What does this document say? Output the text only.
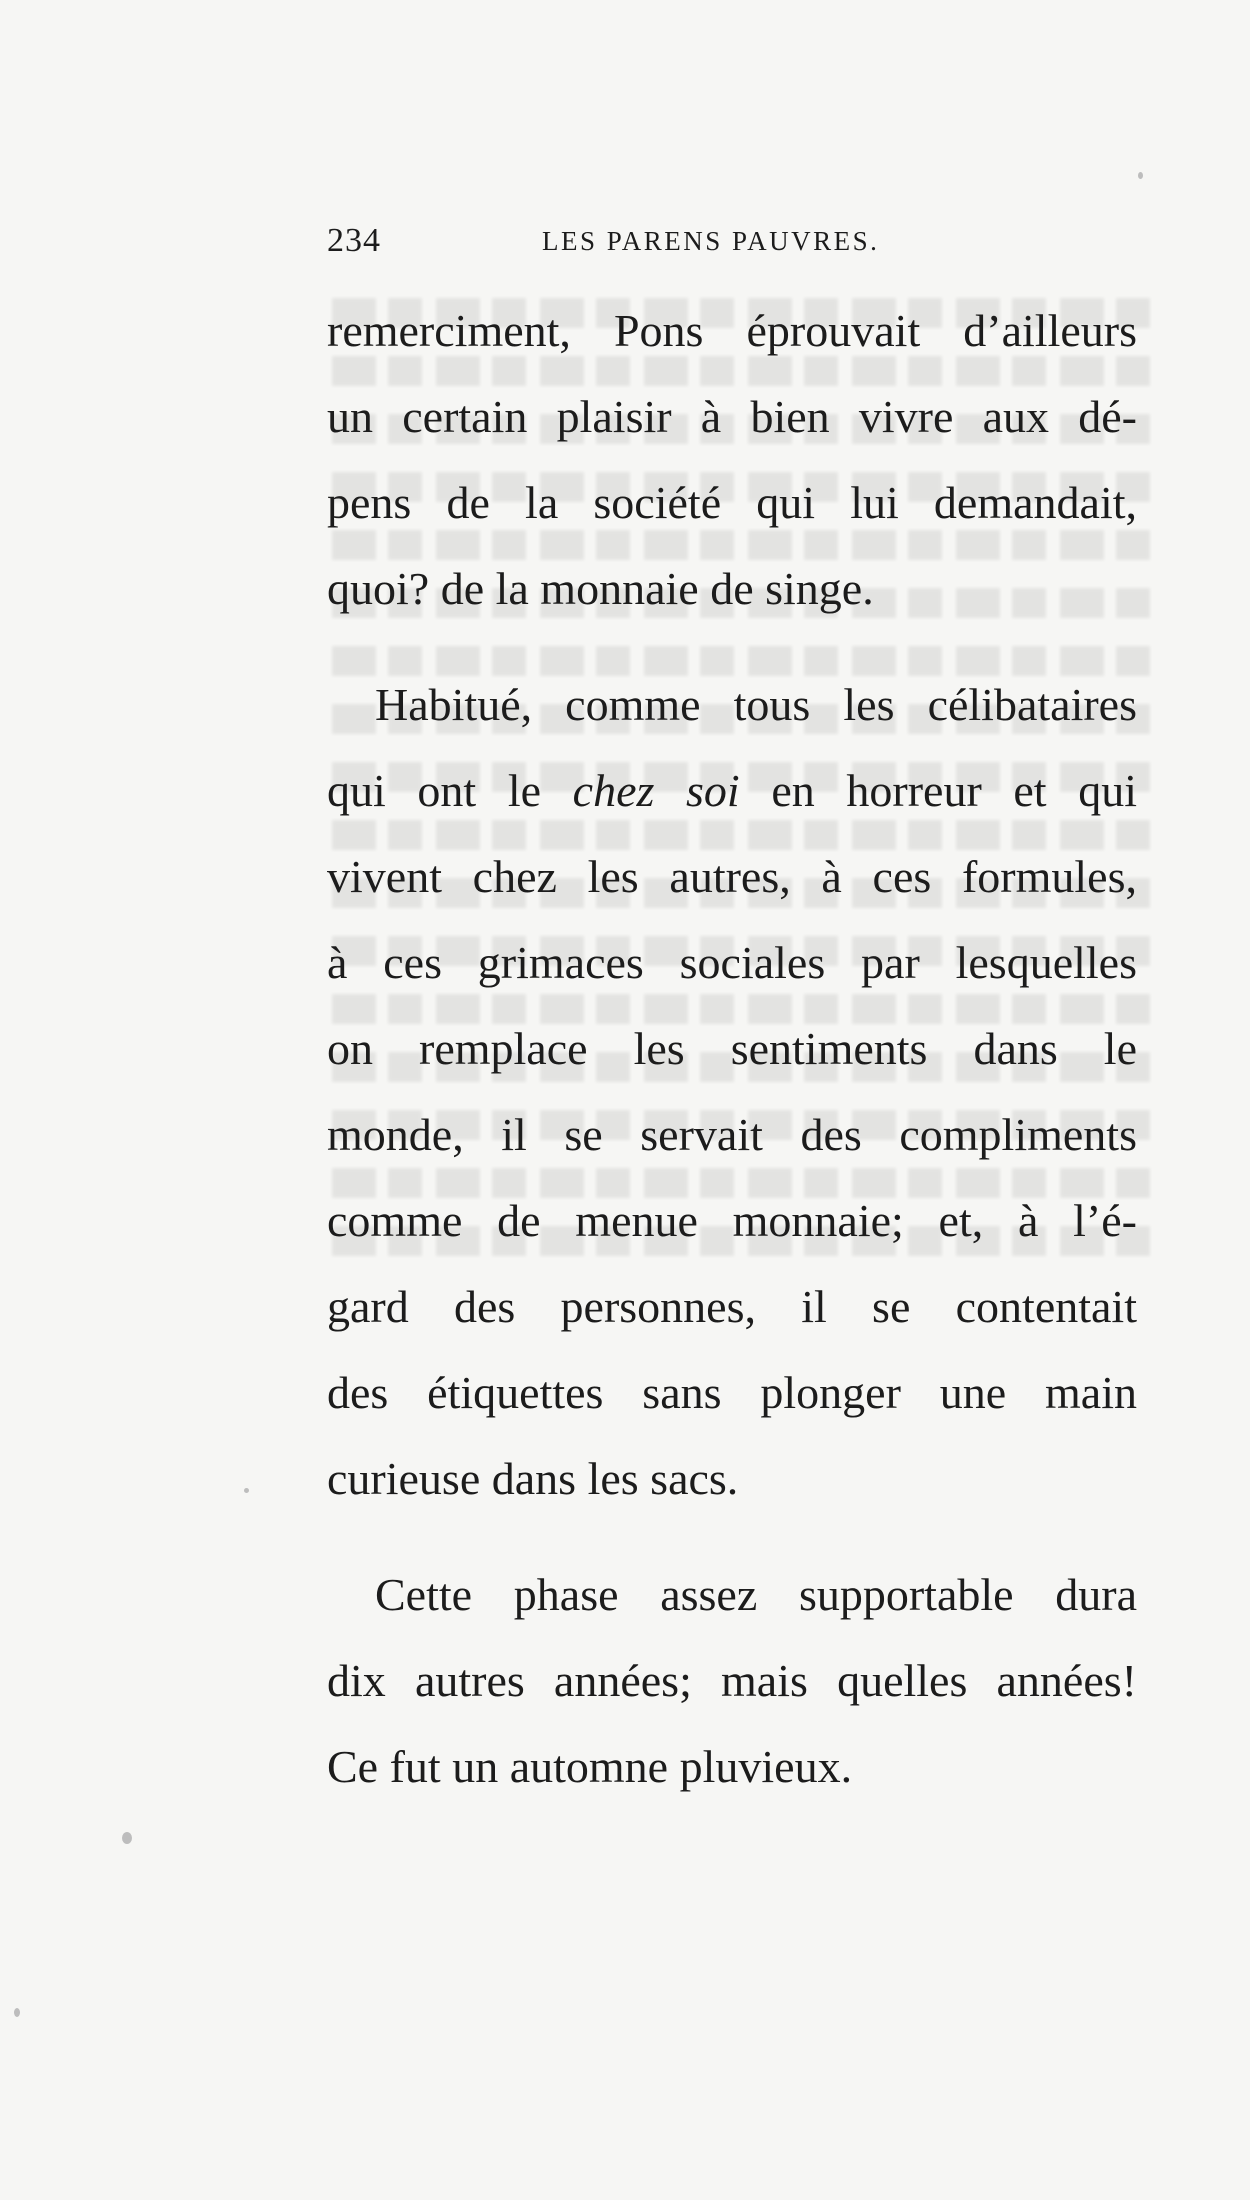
234	LES PARENS PAUVRES.
remerciment, Pons éprouvait d’ailleurs
un certain plaisir à bien vivre aux dé-
pens de la société qui lui demandait,
quoi? de la monnaie de singe.
Habitué, comme tous les célibataires
qui ont le chez soi en horreur et qui
vivent chez les autres, à ces formules,
à ces grimaces sociales par lesquelles
on remplace les sentiments dans le
monde, il se servait des compliments
comme de menue monnaie; et, à l’é-
gard des personnes, il se contentait
des étiquettes sans plonger une main
curieuse dans les sacs.
Cette phase assez supportable dura
dix autres années; mais quelles années!
Ce fut un automne pluvieux.
